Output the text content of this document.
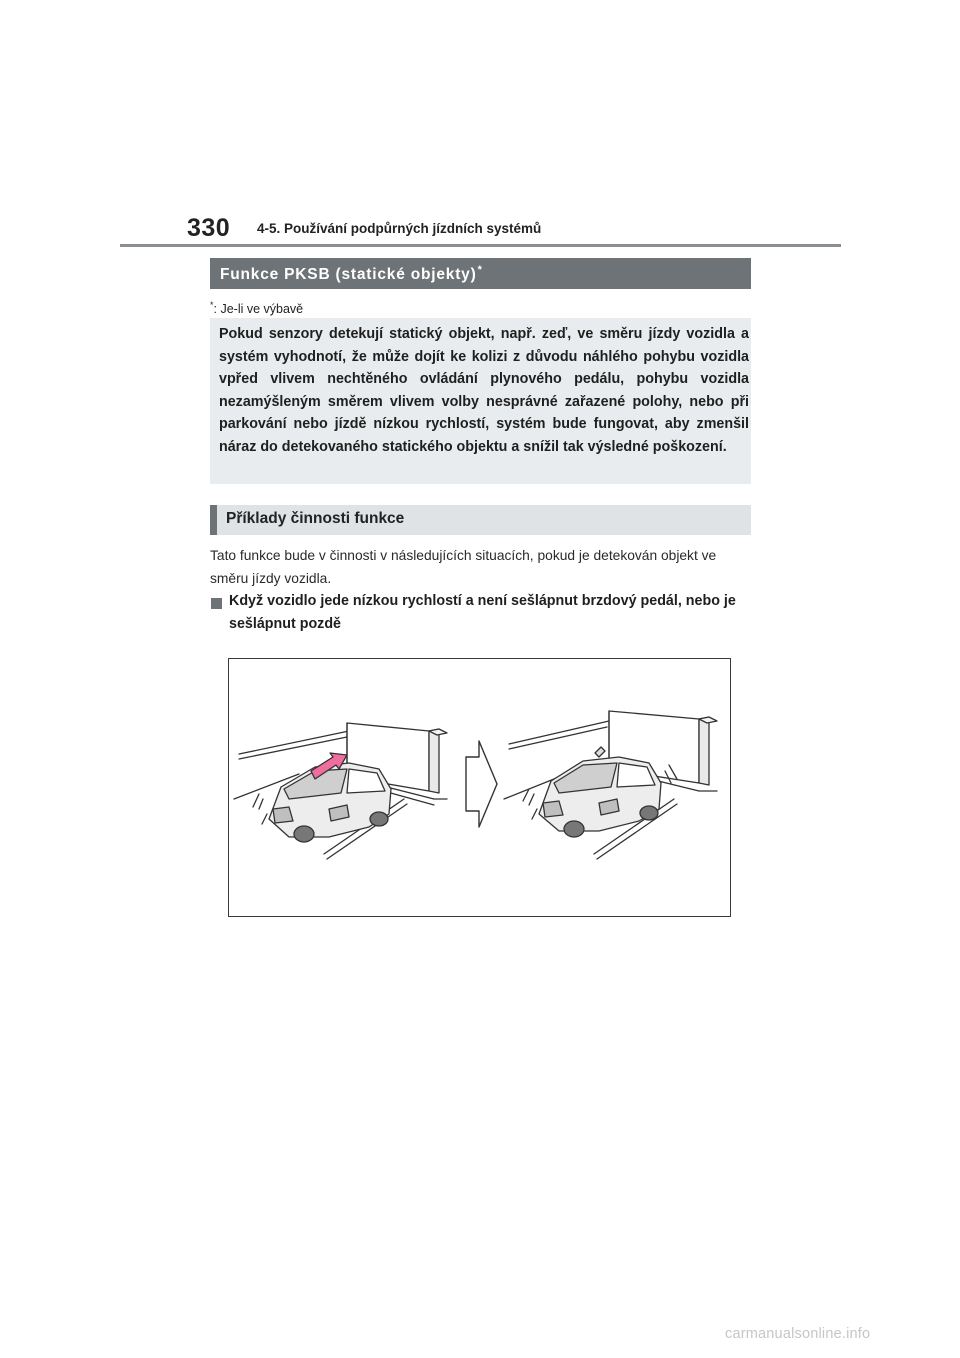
330 4-5. Používání podpůrných jízdních systémů
Funkce PKSB (statické objekty)*
*: Je-li ve výbavě

Pokud senzory detekují statický objekt, např. zeď, ve směru jízdy vozidla a systém vyhodnotí, že může dojít ke kolizi z důvodu náhlého pohybu vozidla vpřed vlivem nechtěného ovládání plynového pedálu, pohybu vozidla nezamýšleným směrem vlivem volby nesprávné zařazené polohy, nebo při parkování nebo jízdě nízkou rychlostí, systém bude fungovat, aby zmenšil náraz do detekovaného statického objektu a snížil tak výsledné poškození.

Příklady činnosti funkce

Tato funkce bude v činnosti v následujících situacích, pokud je detekován objekt ve směru jízdy vozidla.

Když vozidlo jede nízkou rychlostí a není sešlápnut brzdový pedál, nebo je sešlápnut pozdě

carmanualsonline.info
